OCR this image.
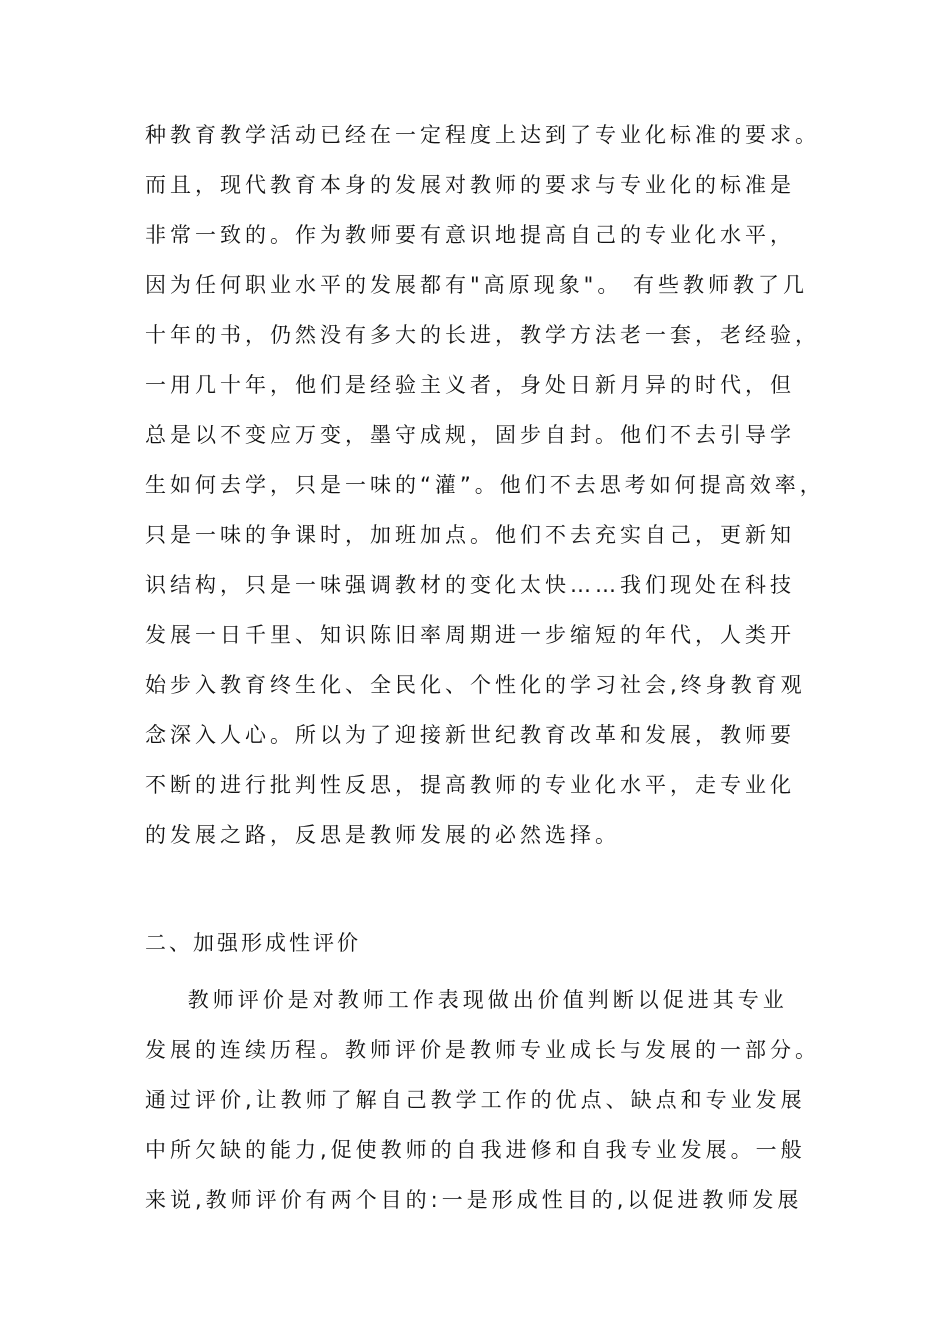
种教育教学活动已经在一定程度上达到了专业化标准的要求。
而且，现代教育本身的发展对教师的要求与专业化的标准是
非常一致的。作为教师要有意识地提高自己的专业化水平，
因为任何职业水平的发展都有"高原现象"。 有些教师教了几
十年的书，仍然没有多大的长进，教学方法老一套，老经验，
一用几十年，他们是经验主义者，身处日新月异的时代，但
总是以不变应万变，墨守成规，固步自封。他们不去引导学
生如何去学，只是一味的“灌”。他们不去思考如何提高效率，
只是一味的争课时，加班加点。他们不去充实自己，更新知
识结构，只是一味强调教材的变化太快……我们现处在科技
发展一日千里、知识陈旧率周期进一步缩短的年代，人类开
始步入教育终生化、全民化、个性化的学习社会,终身教育观
念深入人心。所以为了迎接新世纪教育改革和发展，教师要
不断的进行批判性反思，提高教师的专业化水平，走专业化
的发展之路，反思是教师发展的必然选择。
二、加强形成性评价
教师评价是对教师工作表现做出价值判断以促进其专业
发展的连续历程。教师评价是教师专业成长与发展的一部分。
通过评价,让教师了解自己教学工作的优点、缺点和专业发展
中所欠缺的能力,促使教师的自我进修和自我专业发展。一般
来说,教师评价有两个目的:一是形成性目的,以促进教师发展
